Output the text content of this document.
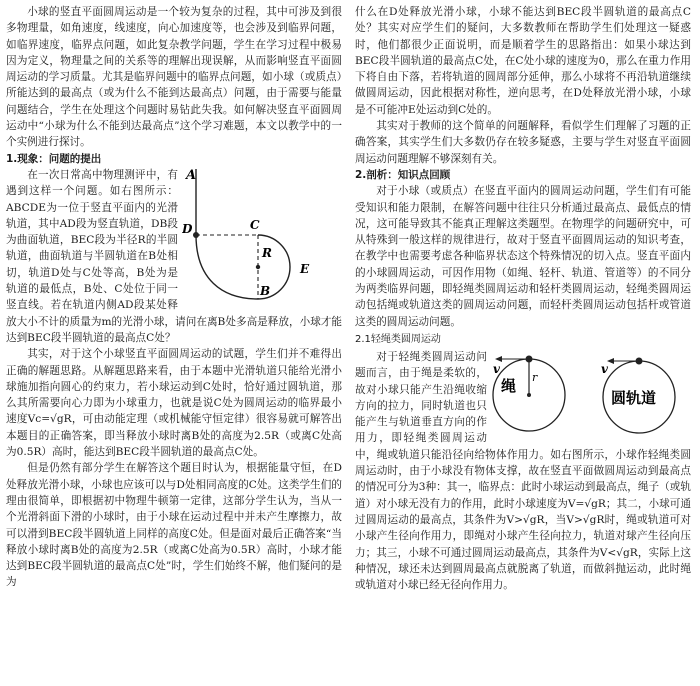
小球的竖直平面圆周运动是一个较为复杂的过程，其中可涉及到很多物理量，如角速度，线速度，向心加速度等，也会涉及到临界问题，如临界速度，临界点问题，如此复杂教学问题，学生在学习过程中极易因为定义，物理量之间的关系等的理解出现误解，从而影响竖直平面圆周运动的学习质量。尤其是临界问题中的临界点问题，如小球（或质点）所能达到的最高点（或为什么不能到达最高点）问题，由于需要与能量问题结合，学生在处理这个问题时易钻此失我。如何解决竖直平面圆周运动中“小球为什么不能到达最高点”这个学习难题，本文以教学中的一个实例进行探讨。

1.现象：问题的提出
A
D	C
R
E
B

在一次日常高中物理测评中，有遇到这样一个问题。如右图所示：ABCDE为一位于竖直平面内的光滑轨道，其中AD段为竖直轨道，DB段为曲面轨道，BEC段为半径R的半圆轨道，曲面轨道与半圆轨道在B处相切，轨道D处与C处等高，B处为是轨道的最低点，B处、C处位于同一竖直线。若在轨道内侧AD段某处释放大小不计的质量为m的光滑小球，请问在离B处多高是释放，小球才能达到BEC段半圆轨道的最高点C处？

其实，对于这个小球竖直平面圆周运动的试题，学生们并不难得出正确的解题思路。从解题思路来看，由于本题中光滑轨道只能给光滑小球施加指向圆心的约束力，若小球运动到C处时，恰好通过圆轨道，那么其所需要向心力即为小球重力，也就是说C处为圆周运动的临界最小速度Vc=√gR，可由动能定理（或机械能守恒定律）很容易就可解答出本题目的正确答案，即当释放小球时离B处的高度为2.5R（或离C处高为0.5R）高时，能达到BEC段半圆轨道的最高点C处。

但是仍然有部分学生在解答这个题目时认为，根据能量守恒，在D处释放光滑小球，小球也应该可以与D处相同高度的C处。这类学生们的理由很简单，即根据初中物理牛顿第一定律，这部分学生认为，当从一个光滑斜面下滑的小球时，由于小球在运动过程中并未产生摩擦力，故可以滑到BEC段半圆轨道上同样的高度C处。但是面对最后正确答案“当释放小球时离B处的高度为2.5R（或离C处高为0.5R）高时，小球才能达到BEC段半圆轨道的最高点C处”时，学生们始终不解，他们疑问的是为

什么在D处释放光滑小球，小球不能达到BEC段半圆轨道的最高点C处？其实对应学生们的疑问，大多数教师在帮助学生们处理这一疑惑时，他们都很少正面说明，而是顺着学生的思路指出：如果小球达到BEC段半圆轨道的最高点C处，在C处小球的速度为0，那么在重力作用下将自由下落，若将轨道的圆周部分延伸，那么小球将不再沿轨道继续做圆周运动，因此根据对称性，逆向思考，在D处释放光滑小球，小球是不可能冲E处运动到C处的。

其实对于教师的这个简单的问题解释，看似学生们理解了习题的正确答案，其实学生们大多数仍存在较多疑惑，主要与学生对竖直平面圆周运动问题理解不够深刻有关。

2.剖析：知识点回顾

对于小球（或质点）在竖直平面内的圆周运动问题，学生们有可能受知识和能力限制，在解答问题中往往只分析通过最高点、最低点的情况，这可能导致其不能真正理解这类题型。在物理学的问题研究中，可从特殊到一般这样的规律进行，故对于竖直平面圆周运动的知识考查，在教学中也需要考虑各种临界状态这个特殊情况的切入点。竖直平面内的小球圆周运动，可因作用物（如绳、轻杆、轨道、管道等）的不同分为两类临界问题，即轻绳类圆周运动和轻杆类圆周运动，轻绳类圆周运动包括绳或轨道这类的圆周运动问题，而轻杆类圆周运动包括杆或管道这类的圆周运动问题。

2.1轻绳类圆周运动
v
绳 r
v
圆轨道

对于轻绳类圆周运动问题而言，由于绳是柔软的，故对小球只能产生沿绳收缩方向的拉力，同时轨道也只能产生与轨道垂直方向的作用力，即轻绳类圆周运动中，绳或轨道只能沿径向给物体作用力。如右图所示，小球作轻绳类圆周运动时，由于小球没有物体支撑，故在竖直平面做圆周运动到最高点的情况可分为3种：其一，临界点：此时小球运动到最高点，绳子（或轨道）对小球无没有力的作用，此时小球速度为V=√gR；其二，小球可通过圆周运动的最高点，其条件为V>√gR，当V>√gR时，绳或轨道可对小球产生径向作用力，即绳对小球产生径向拉力，轨道对球产生径向压力；其三，小球不可通过圆周运动最高点，其条件为V<√gR，实际上这种情况，球还未达到圆周最高点就脱离了轨道，而做斜抛运动，此时绳或轨道对小球已经无径向作用力。
